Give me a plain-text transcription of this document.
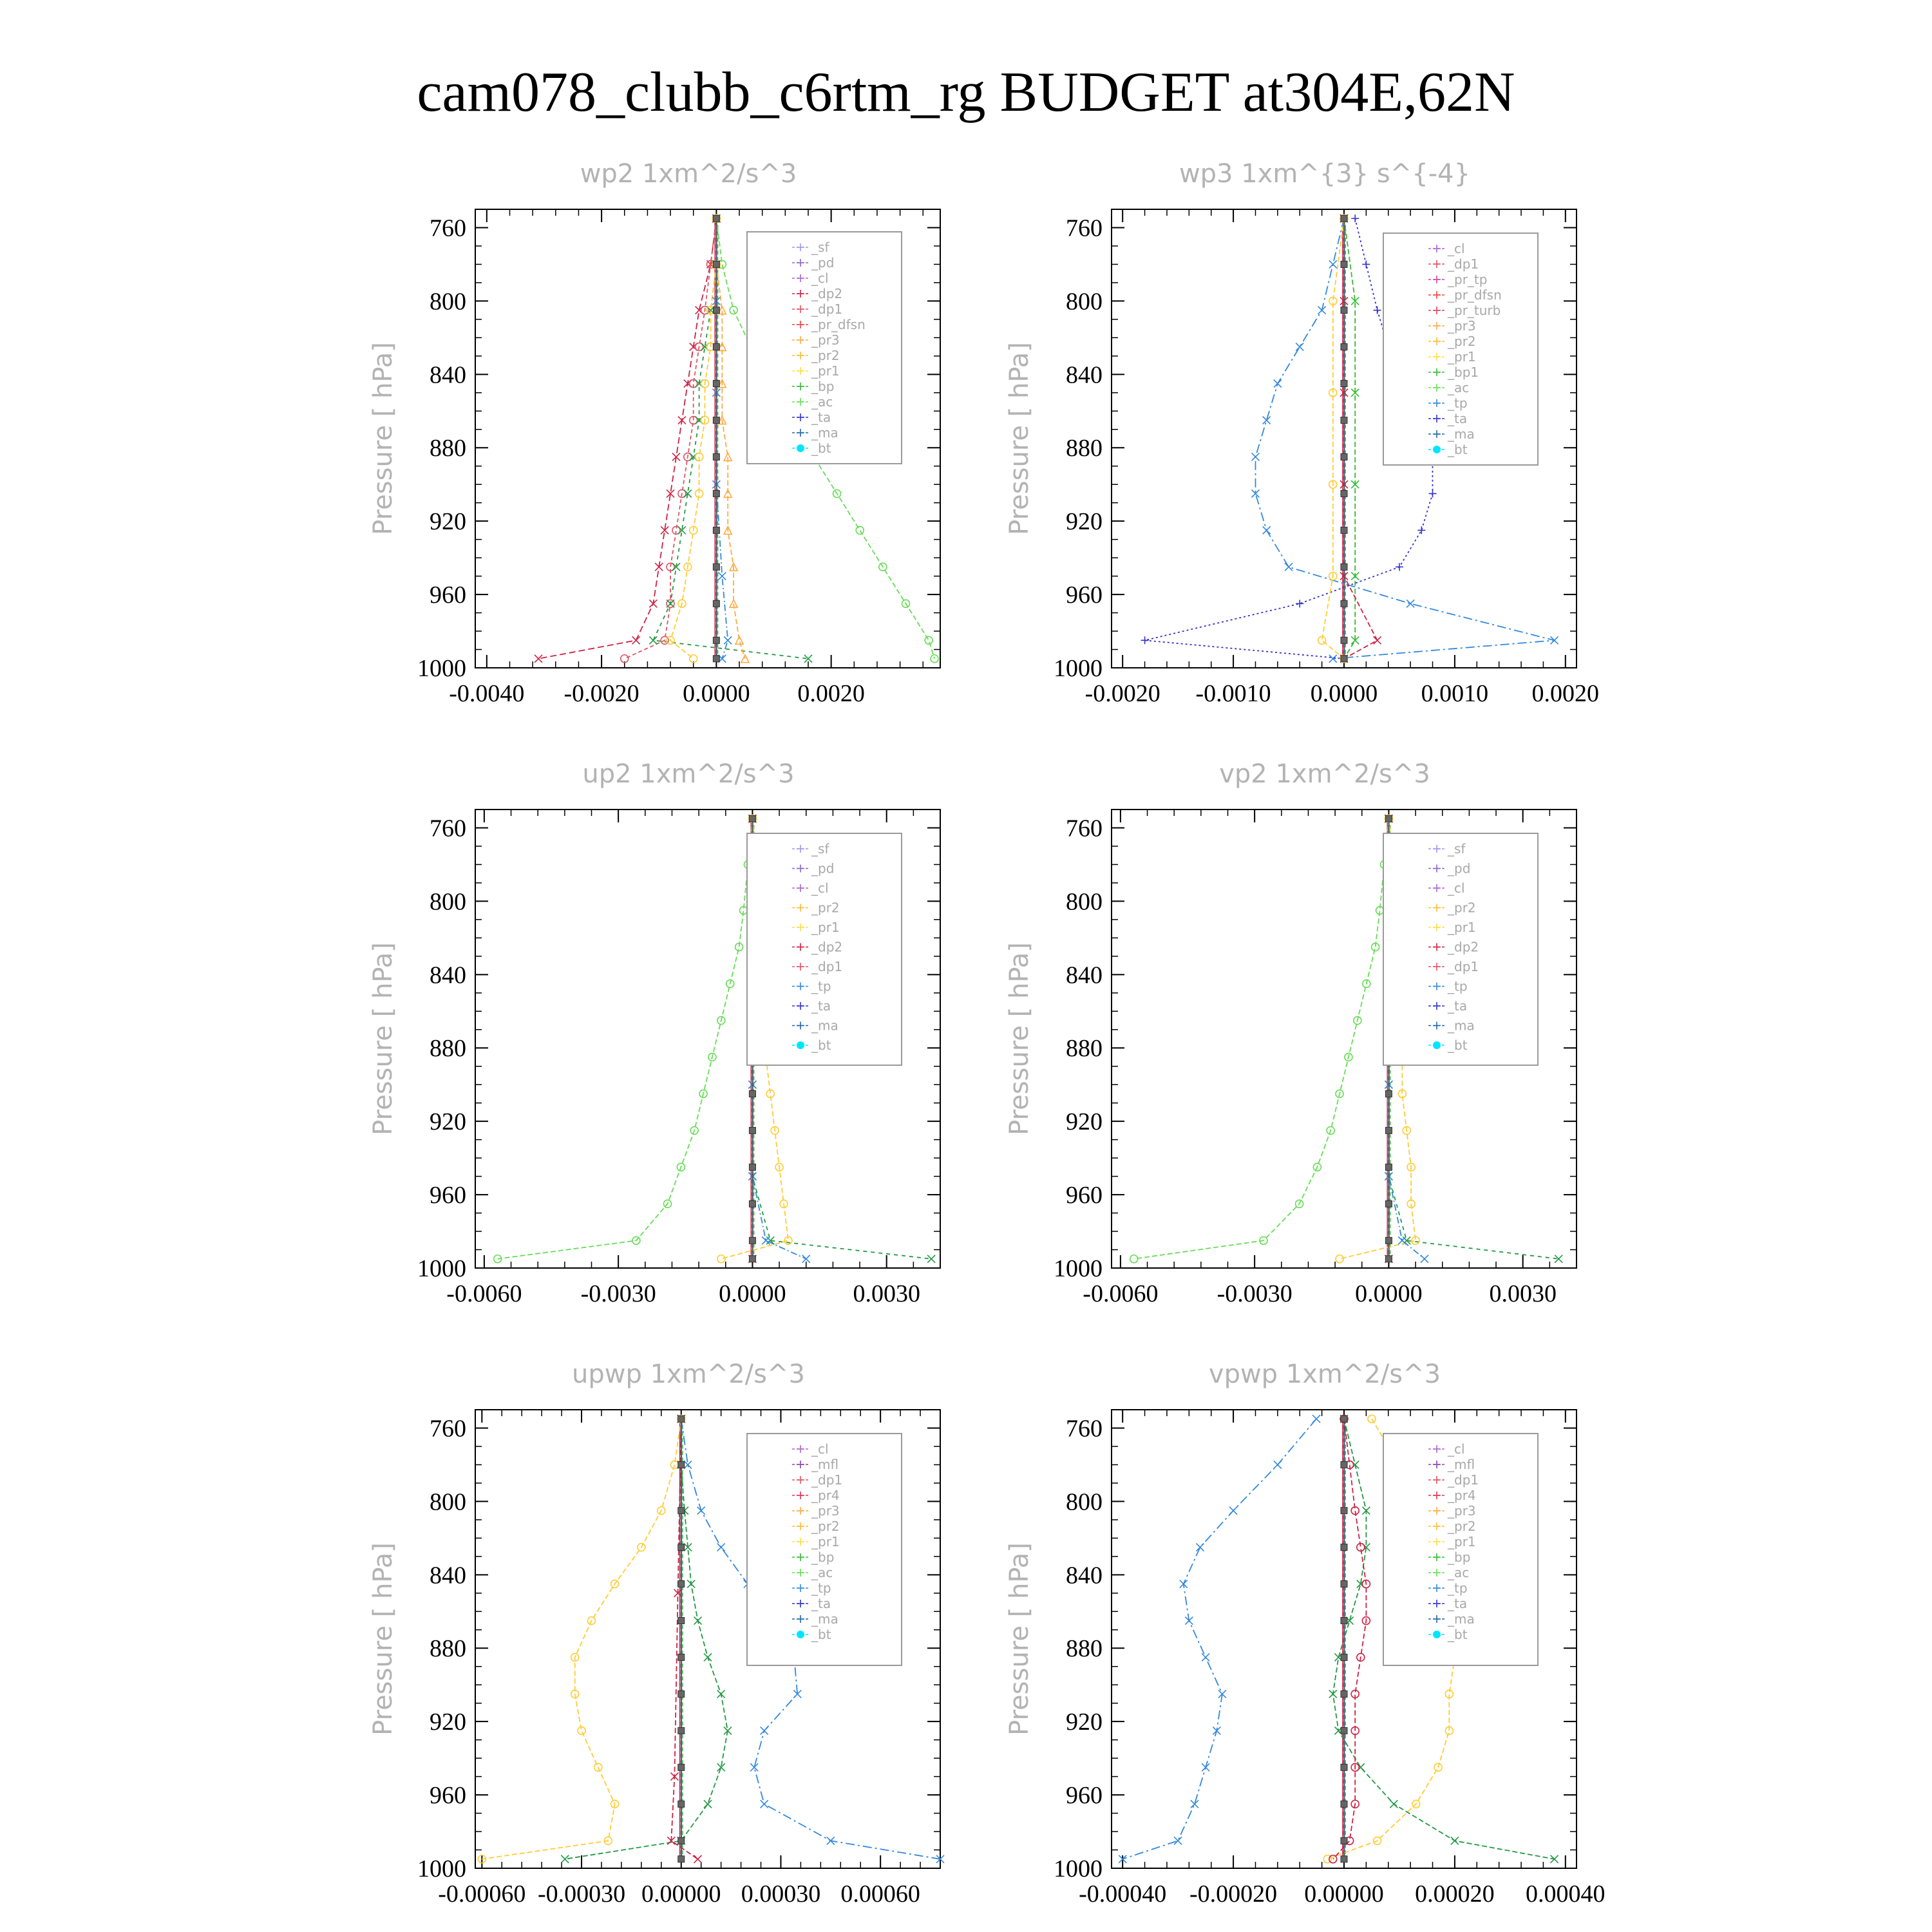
cam078_clubb_c6rtm_rg BUDGET at304E,62N
wp2 1xm^2/s^3
Pressure [ hPa]
760
800
840
880
920
960
1000
-0.0040 -0.0020 0.0000 0.0020
_sf
_pd
_cl
_dp2
_dp1
_pr_dfsn
_pr3
_pr2
_pr1
_bp
_ac
_ta
_ma
_bt
wp3 1xm^{3} s^{-4}
Pressure [ hPa]
760
800
840
880
920
960
1000
-0.0020 -0.0010 0.0000 0.0010 0.0020
_cl
_dp1
_pr_tp
_pr_dfsn
_pr_turb
_pr3
_pr2
_pr1
_bp1
_ac
_tp
_ta
_ma
_bt
up2 1xm^2/s^3
Pressure [ hPa]
760
800
840
880
920
960
1000
-0.0060 -0.0030	0.0000	0.0030
_sf
_pd
_cl
_pr2
_pr1
_dp2
_dp1
_tp
_ta
_ma
_bt
vp2 1xm^2/s^3
Pressure [ hPa]
760
800
840
880
920
960
1000
-0.0060 -0.0030	0.0000	0.0030
_sf
_pd
_cl
_pr2
_pr1
_dp2
_dp1
_tp
_ta
_ma
_bt
upwp 1xm^2/s^3
Pressure [ hPa]
760
800
840
880
920
960
1000
-0.00060 -0.00030 0.00000 0.00030 0.00060
_cl
_mfl
_dp1
_pr4
_pr3
_pr2
_pr1
_bp
_ac
_tp
_ta
_ma
_bt
vpwp 1xm^2/s^3
Pressure [ hPa]
760
800
840
880
920
960
1000
-0.00040 -0.00020 0.00000 0.00020 0.00040
_cl
_mfl
_dp1
_pr4
_pr3
_pr2
_pr1
_bp
_ac
_tp
_ta
_ma
_bt
